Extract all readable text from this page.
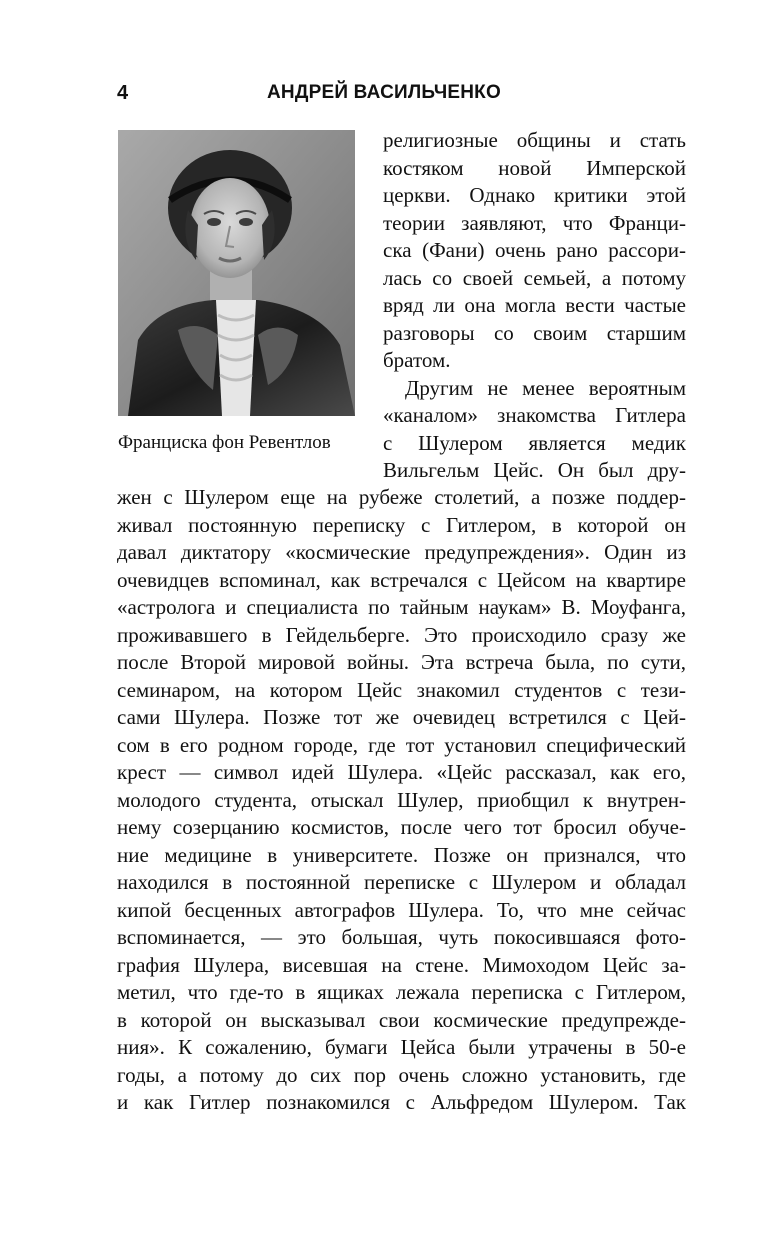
4	АНДРЕЙ ВАСИЛЬЧЕНКО
Франциска фон Ревентлов
религиозные общины и стать
костяком новой Имперской
церкви. Однако критики этой
теории заявляют, что Франци-
ска (Фани) очень рано рассори-
лась со своей семьей, а потому
вряд ли она могла вести частые
разговоры со своим старшим
братом.
Другим не менее вероятным
«каналом» знакомства Гитлера
с Шулером является медик
Вильгельм Цейс. Он был дру-
жен с Шулером еще на рубеже столетий, а позже поддер-
живал постоянную переписку с Гитлером, в которой он
давал диктатору «космические предупреждения». Один из
очевидцев вспоминал, как встречался с Цейсом на квартире
«астролога и специалиста по тайным наукам» В. Моуфанга,
проживавшего в Гейдельберге. Это происходило сразу же
после Второй мировой войны. Эта встреча была, по сути,
семинаром, на котором Цейс знакомил студентов с тези-
сами Шулера. Позже тот же очевидец встретился с Цей-
сом в его родном городе, где тот установил специфический
крест — символ идей Шулера. «Цейс рассказал, как его,
молодого студента, отыскал Шулер, приобщил к внутрен-
нему созерцанию космистов, после чего тот бросил обуче-
ние медицине в университете. Позже он признался, что
находился в постоянной переписке с Шулером и обладал
кипой бесценных автографов Шулера. То, что мне сейчас
вспоминается, — это большая, чуть покосившаяся фото-
графия Шулера, висевшая на стене. Мимоходом Цейс за-
метил, что где-то в ящиках лежала переписка с Гитлером,
в которой он высказывал свои космические предупрежде-
ния». К сожалению, бумаги Цейса были утрачены в 50-е
годы, а потому до сих пор очень сложно установить, где
и как Гитлер познакомился с Альфредом Шулером. Так
